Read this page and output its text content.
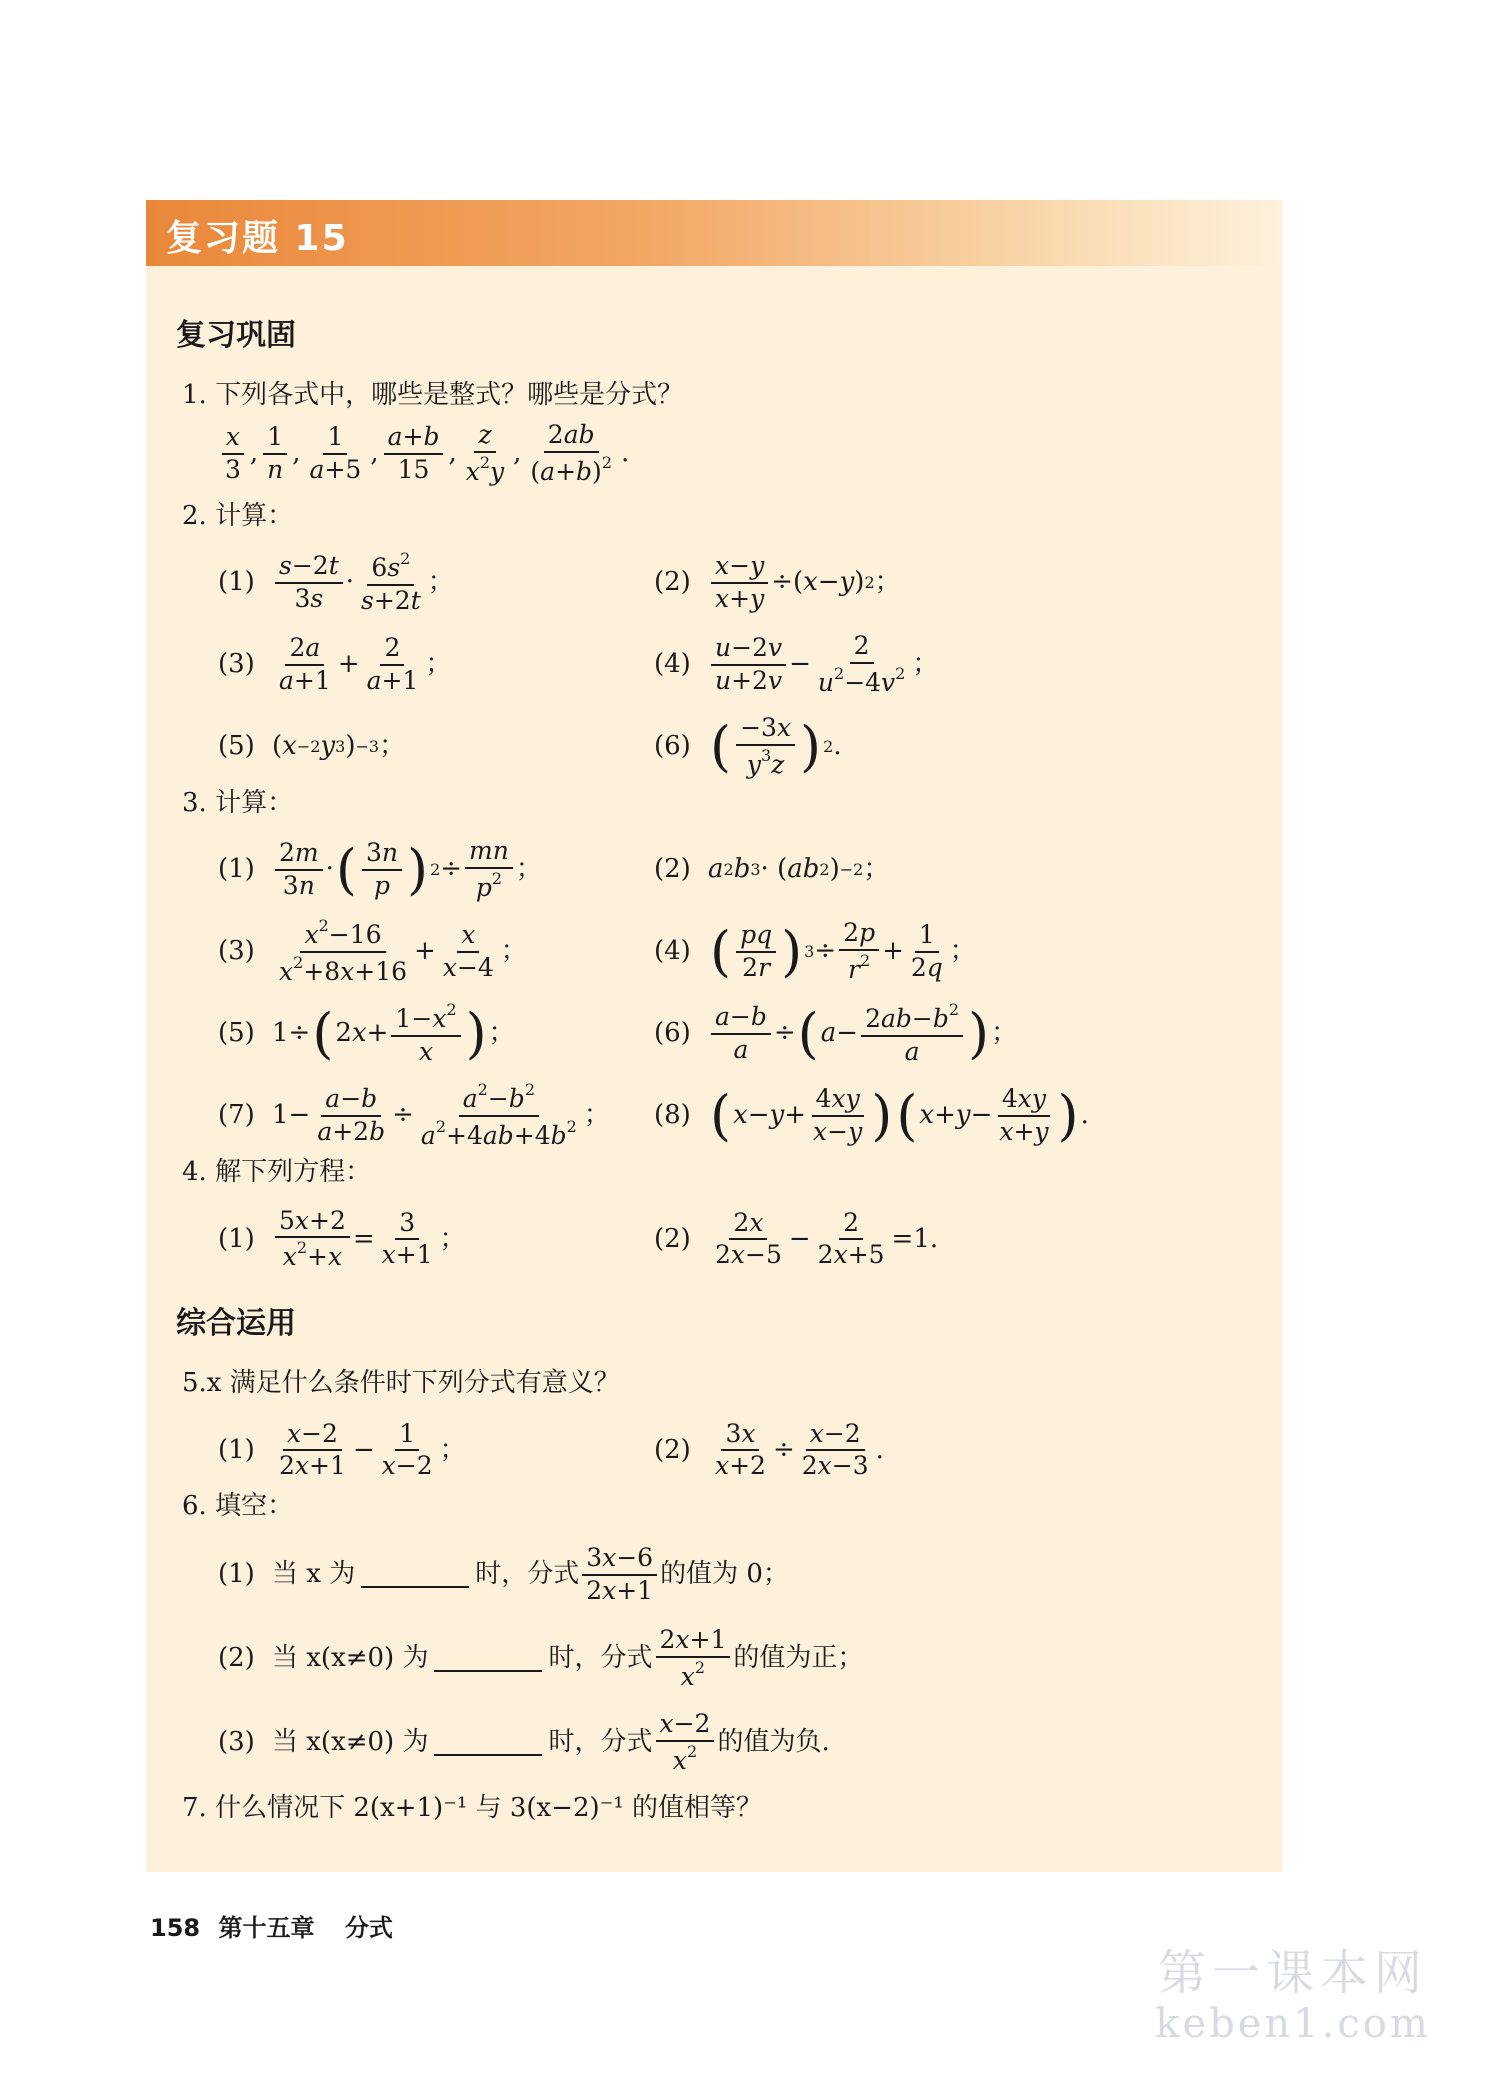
复习题 15
复习巩固
1. 下列各式中，哪些是整式？哪些是分式？
x
3
,
1
n
,
1
a+5
,
a+b
15
,
z
$x^2y$
,
2ab
$(a+b)^2$ .
2. 计算：
(1)
s−2t
3s
· $6s^2$
s+2t
；	$(2) \frac{x-y}{x+y}$ ÷( x − y ) 2 ；
(3)
2a
a+1
+ $\frac{2}{a+1}$ ；	(4)
u−2v
u+2v
− $\frac{2}{u^2-4v^2}$ ；
(5) ( x −2 y 3 ) −3 ；	(6) ( −3x
$y^3z$ ) 2 .
3. 计算：
(1)
2m
3n
· ( 3n
p ) $2 \div \frac{mn}{p^2}$ ；	(2) a 2 b 3 · ( ab 2 ) −2 ；
(3)
$x^2-16$
$x^2+8x+16$
+ $\frac{x}{x-4}$ ；	(4) ( pq
2r ) $3 \div \frac{2p}{r^2} + \frac{1}{2q}$ ；
(5) 1÷ ( 2 $x + \frac{1-x^2}{x}$ ) ；	$(6) \frac{a-b}{a}$ ÷ ( $a - \frac{2ab-b^2}{a}$ ) ；
(7) $1- \frac{a-b}{a+2b} \div \frac{a^2-b^2}{a^2+4ab+4b^2}$ ； (8) ( $x - y + \frac{4xy}{x-y}$ ) ( $x + y - \frac{4xy}{x+y}$ ) .
4. 解下列方程：
$(1) \frac{5x+2}{x^2+x} = \frac{3}{x+1}$ ；	(2)
2x
2x−5
− $\frac{2}{2x+5} =1$.
综合运用
5.x 满足什么条件时下列分式有意义？
(1)
x−2
2x+1
− $\frac{1}{x-2}$ ；	$(2) \frac{3x}{x+2} \div \frac{x-2}{2x-3}$ .
6. 填空：
(1) 当 x 为	时，分式
3x−6
2x+1
的值为 0；
(2) 当 x(x≠0) 为	时，分式
2x+1
$x^2$ 的值为正；
(3) 当 x(x≠0) 为	时，分式
x−2
$x^2$ 的值为负.
7. 什么情况下 2(x+1)⁻¹ 与 3(x−2)⁻¹ 的值相等？
158 第十五章 分式
第一课本网
keben1.com
